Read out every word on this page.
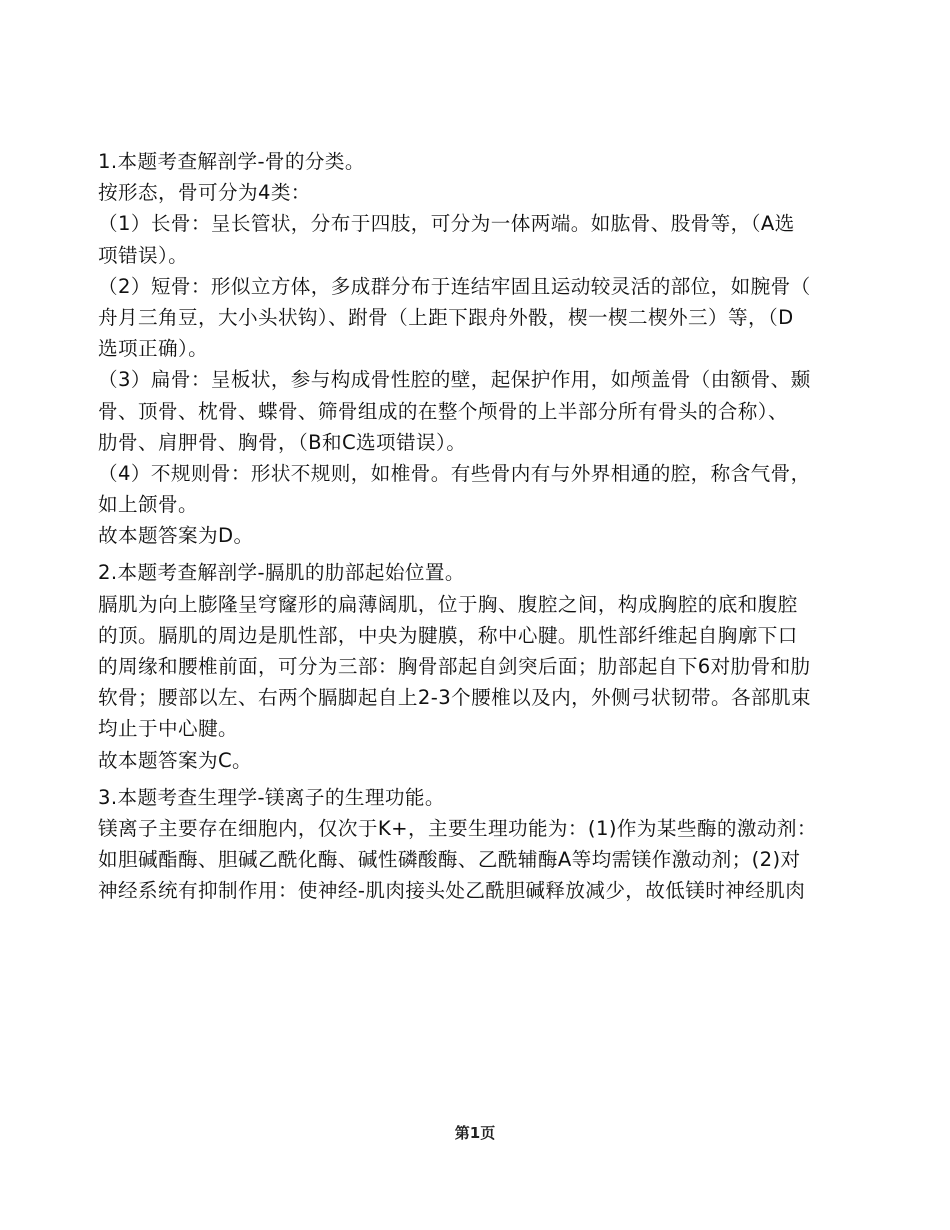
1.本题考查解剖学-骨的分类。
按形态，骨可分为4类：
（1）长骨：呈长管状，分布于四肢，可分为一体两端。如肱骨、股骨等，（A选
项错误）。
（2）短骨：形似立方体，多成群分布于连结牢固且运动较灵活的部位，如腕骨（
舟月三角豆，大小头状钩）、跗骨（上距下跟舟外骰，楔一楔二楔外三）等，（D
选项正确）。
（3）扁骨：呈板状，参与构成骨性腔的壁，起保护作用，如颅盖骨（由额骨、颞
骨、顶骨、枕骨、蝶骨、筛骨组成的在整个颅骨的上半部分所有骨头的合称）、
肋骨、肩胛骨、胸骨，（B和C选项错误）。
（4）不规则骨：形状不规则，如椎骨。有些骨内有与外界相通的腔，称含气骨，
如上颌骨。
故本题答案为D。
2.本题考查解剖学-膈肌的肋部起始位置。
膈肌为向上膨隆呈穹窿形的扁薄阔肌，位于胸、腹腔之间，构成胸腔的底和腹腔
的顶。膈肌的周边是肌性部，中央为腱膜，称中心腱。肌性部纤维起自胸廓下口
的周缘和腰椎前面，可分为三部：胸骨部起自剑突后面；肋部起自下6对肋骨和肋
软骨；腰部以左、右两个膈脚起自上2-3个腰椎以及内，外侧弓状韧带。各部肌束
均止于中心腱。
故本题答案为C。
3.本题考查生理学-镁离子的生理功能。
镁离子主要存在细胞内，仅次于K+，主要生理功能为：(1)作为某些酶的激动剂：
如胆碱酯酶、胆碱乙酰化酶、碱性磷酸酶、乙酰辅酶A等均需镁作激动剂；(2)对
神经系统有抑制作用：使神经-肌肉接头处乙酰胆碱释放减少，故低镁时神经肌肉
第1页
